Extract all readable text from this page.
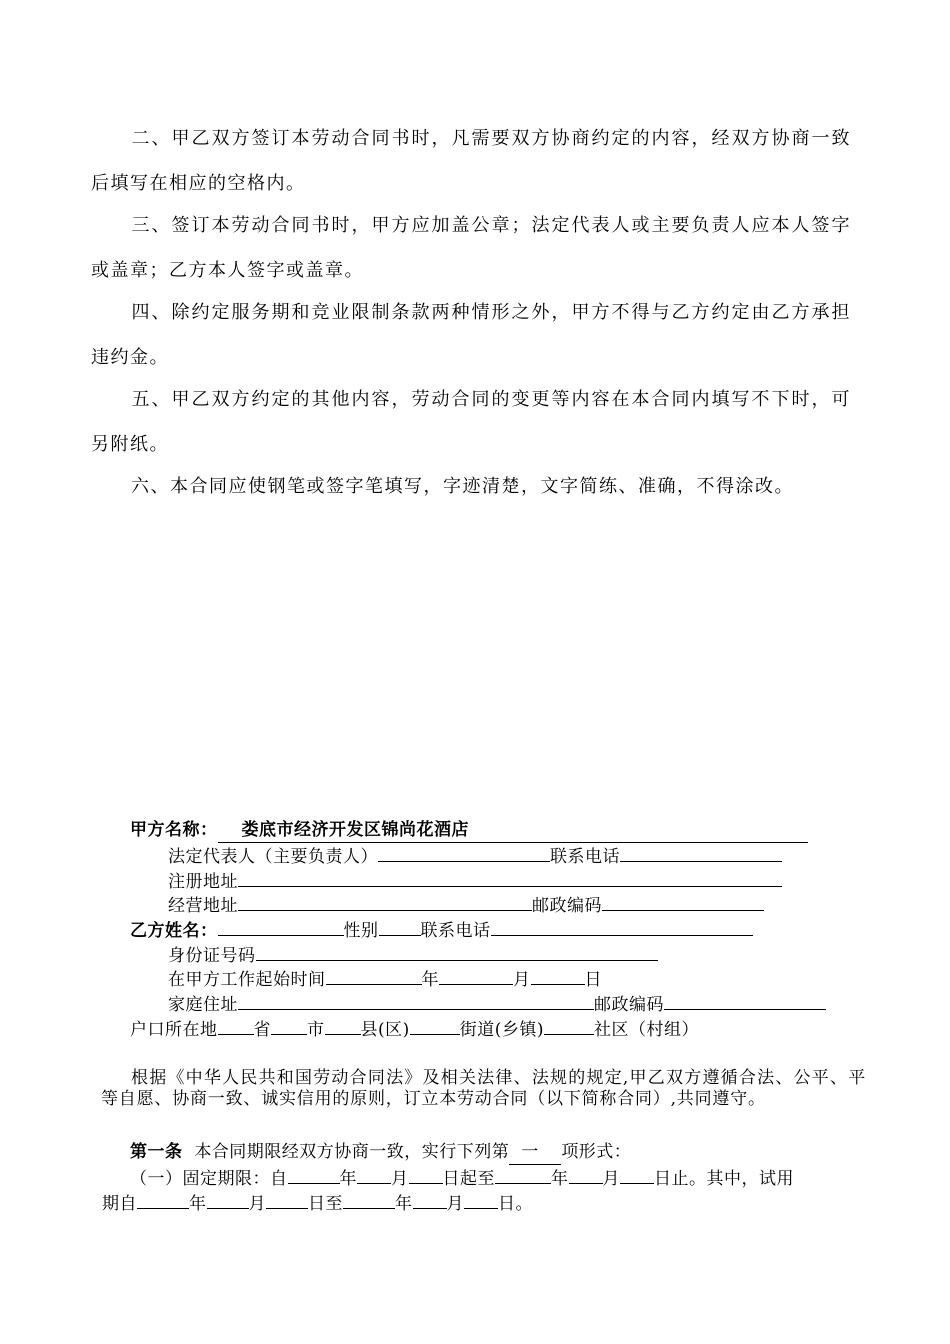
二、甲乙双方签订本劳动合同书时，凡需要双方协商约定的内容，经双方协商一致后填写在相应的空格内。

三、签订本劳动合同书时，甲方应加盖公章；法定代表人或主要负责人应本人签字或盖章；乙方本人签字或盖章。

四、除约定服务期和竞业限制条款两种情形之外，甲方不得与乙方约定由乙方承担违约金。

五、甲乙双方约定的其他内容，劳动合同的变更等内容在本合同内填写不下时，可另附纸。

六、本合同应使钢笔或签字笔填写，字迹清楚，文字简练、准确，不得涂改。

甲方名称： 娄底市经济开发区锦尚花酒店
法定代表人（主要负责人）	联系电话
注册地址
经营地址	邮政编码
乙方姓名：	性别 联系电话
身份证号码
在甲方工作起始时间	年	月	日
家庭住址	邮政编码
户口所在地 省 市 县(区)	街道(乡镇)	社区（村组）

根据《中华人民共和国劳动合同法》及相关法律、法规的规定,甲乙双方遵循合法、公平、平等自愿、协商一致、诚实信用的原则，订立本劳动合同（以下简称合同）,共同遵守。

第一条 本合同期限经双方协商一致，实行下列第 一 项形式：
（一）固定期限：自	年 月 日起至	年 月 日止。其中，试用
期自	年 月 日至	年 月 日。
